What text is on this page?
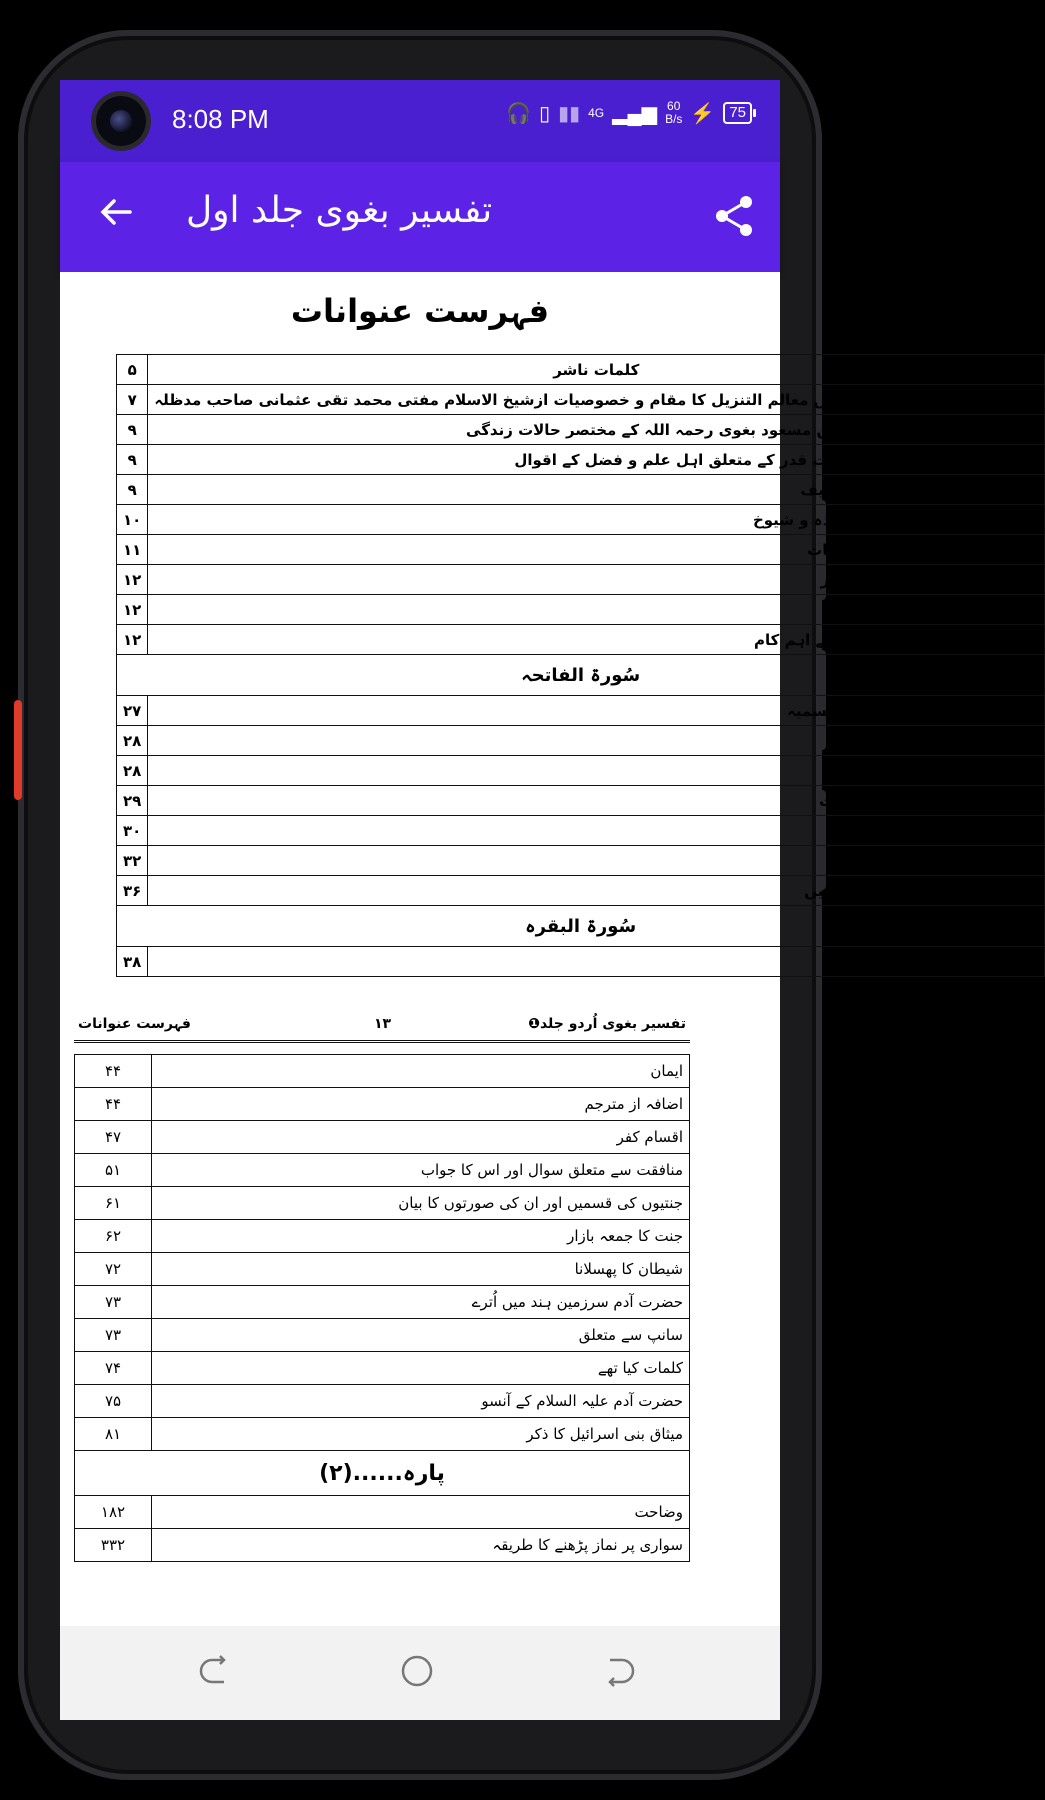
8:08 PM	🎧 ▯ ▮▮ 4G ▂▄▆ 60
B/s ⚡ 75
تفسیر بغوی جلد اول
فہرست عنوانات
کلمات ناشر	۵
مقدمۃ الکتاب.......تفاسیر میں معالم التنزیل کا مقام و خصوصیات ازشیخ الاسلام مفتی محمد تقی عثمانی صاحب مدظلہ	۷
مفسر قرآن.....امام حسین بن مسعود بغوی رحمہ اللہ کے مختصر حالات زندگی	۹
امام بغوی رحمہ اللہ کی جلالت قدر کے متعلق اہل علم و فضل کے اقوال	۹
امام بغوی رحمہ اللہ کی تصانیف	۹
امام بغوی رحمہ اللہ کے اساتذہ و شیوخ	۱۰
تفسیر بغوی کی چند خصوصیات	۱۱
تفسیر بغوی کے ماخذ و مصادر	۱۲
غیر مطبوعہ کتب	۱۲
تفسیر بغوی میں کیے جانے والے اہم کام	۱۲
سُورۃ الفاتحہ	
سورۃ فاتحہ کے نام اور وجہ تسمیہ	۲۷
اسم و مسمّٰی کی بحث	۲۸
اسم مشتق ہے یا جامد	۲۸
لفظ اللہ کے متعلق علمی بحث	۲۹
رحمۃ کا معنی	۳۰
رب العالمین کا ذکر	۳۲
فصل فضیلت فاتحہ کے بیان میں	۳۶
سُورۃ البقرہ	
حروف مقطعات کی بحث	۳۸
تفسیر بغوی اُردو جلد❶
۱۳
فہرست عنوانات
ایمان	۴۴
اضافہ از مترجم	۴۴
اقسام کفر	۴۷
منافقت سے متعلق سوال اور اس کا جواب	۵۱
جنتیوں کی قسمیں اور ان کی صورتوں کا بیان	۶۱
جنت کا جمعہ بازار	۶۲
شیطان کا پھسلانا	۷۲
حضرت آدم سرزمین ہند میں اُترے	۷۳
سانپ سے متعلق	۷۳
کلمات کیا تھے	۷۴
حضرت آدم علیہ السلام کے آنسو	۷۵
میثاق بنی اسرائیل کا ذکر	۸۱
پارہ......(۲)	
وضاحت	۱۸۲
سواری پر نماز پڑھنے کا طریقہ	۳۳۲
